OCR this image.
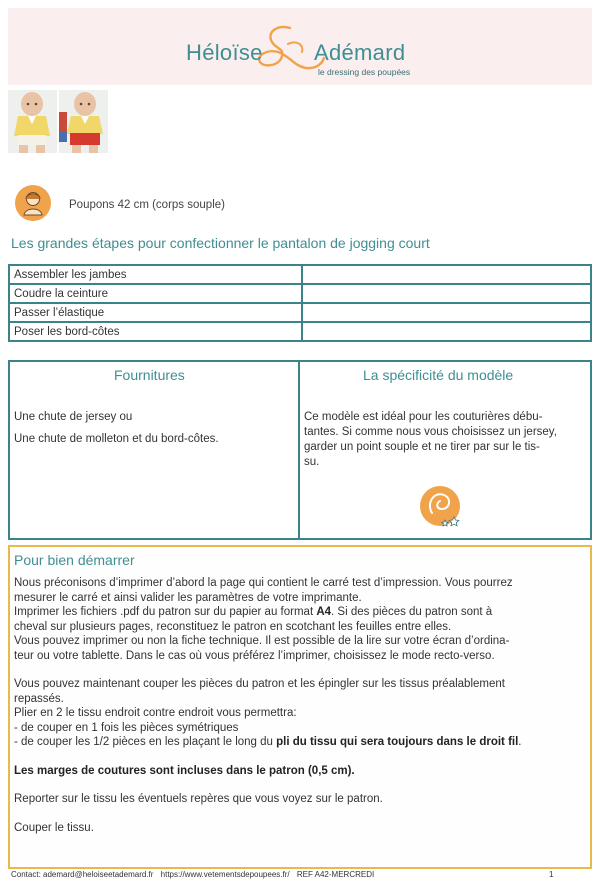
Héloïse Adémard
le dressing des poupées
Poupons 42 cm (corps souple)
Les grandes étapes pour confectionner le pantalon de jogging court
Assembler les jambes	
Coudre la ceinture	
Passer l’élastique	
Poser les bord-côtes	
Fournitures
Une chute de jersey ou
Une chute de molleton et du bord-côtes.
La spécificité du modèle
Ce modèle est idéal pour les couturières débu-
tantes. Si comme nous vous choisissez un jersey,
garder un point souple et ne tirer par sur le tis-
su.
Pour bien démarrer

Nous préconisons d’imprimer d’abord la page qui contient le carré test d’impression. Vous pourrez

mesurer le carré et ainsi valider les paramètres de votre imprimante.

Imprimer les fichiers .pdf du patron sur du papier au format A4. Si des pièces du patron sont à

cheval sur plusieurs pages, reconstituez le patron en scotchant les feuilles entre elles.

Vous pouvez imprimer ou non la fiche technique. Il est possible de la lire sur votre écran d’ordina-

teur ou votre tablette. Dans le cas où vous préférez l’imprimer, choisissez le mode recto-verso.

Vous pouvez maintenant couper les pièces du patron et les épingler sur les tissus préalablement

repassés.

Plier en 2 le tissu endroit contre endroit vous permettra:

- de couper en 1 fois les pièces symétriques

- de couper les 1/2 pièces en les plaçant le long du pli du tissu qui sera toujours dans le droit fil.

Les marges de coutures sont incluses dans le patron (0,5 cm).

Reporter sur le tissu les éventuels repères que vous voyez sur le patron.

Couper le tissu.

Contact: ademard@heloiseetademard.fr https://www.vetementsdepoupees.fr/ REF A42-MERCREDI	1
